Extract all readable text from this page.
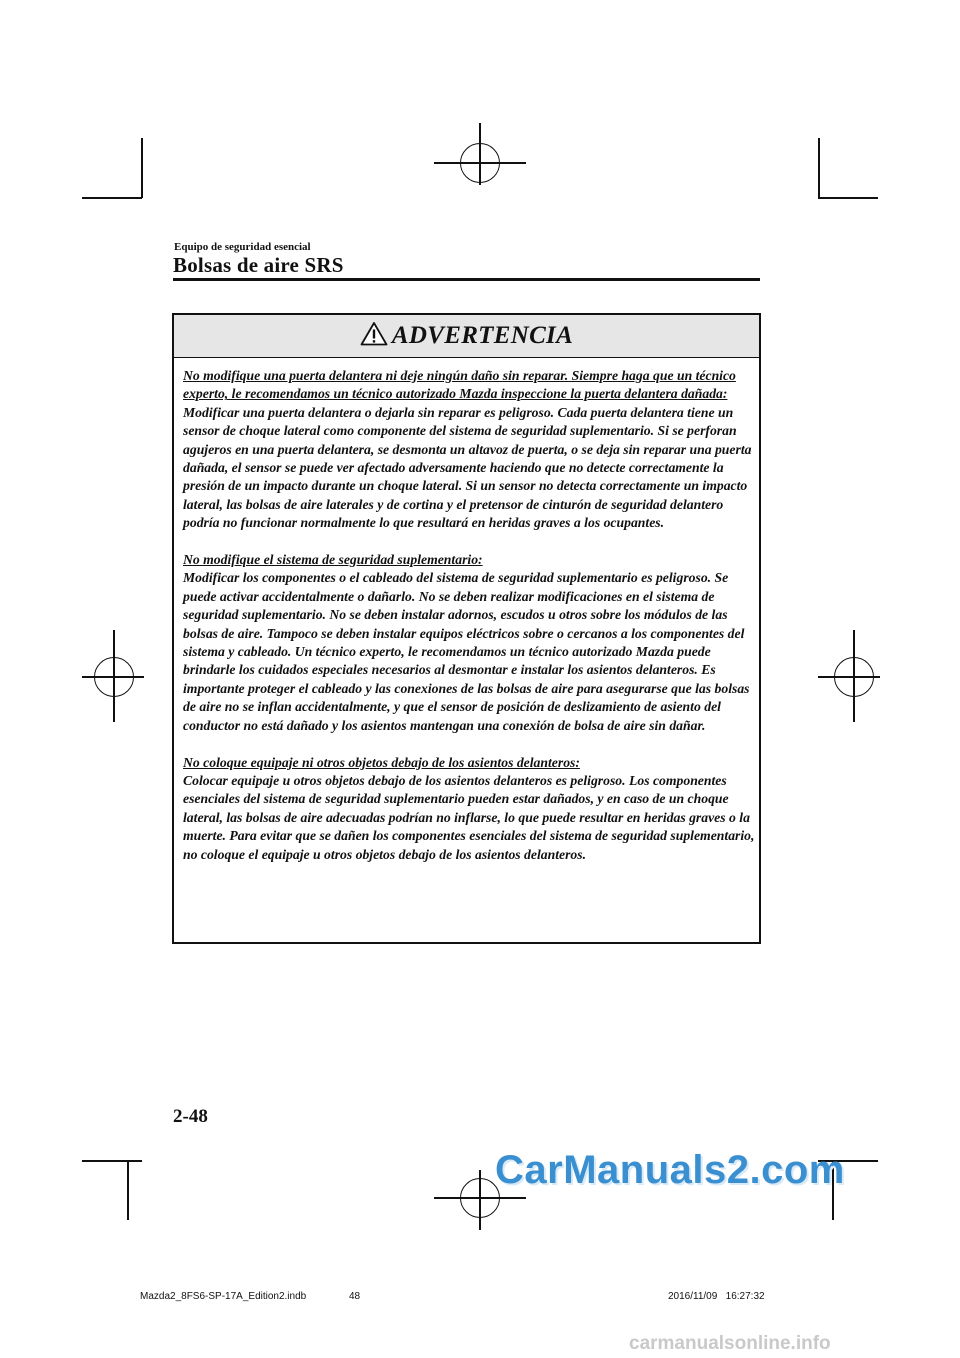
Equipo de seguridad esencial
Bolsas de aire SRS
ADVERTENCIA
No modifique una puerta delantera ni deje ningún daño sin reparar. Siempre haga que un técnico experto, le recomendamos un técnico autorizado Mazda inspeccione la puerta delantera dañada:
Modificar una puerta delantera o dejarla sin reparar es peligroso. Cada puerta delantera tiene un sensor de choque lateral como componente del sistema de seguridad suplementario. Si se perforan agujeros en una puerta delantera, se desmonta un altavoz de puerta, o se deja sin reparar una puerta dañada, el sensor se puede ver afectado adversamente haciendo que no detecte correctamente la presión de un impacto durante un choque lateral. Si un sensor no detecta correctamente un impacto lateral, las bolsas de aire laterales y de cortina y el pretensor de cinturón de seguridad delantero podría no funcionar normalmente lo que resultará en heridas graves a los ocupantes.
No modifique el sistema de seguridad suplementario:
Modificar los componentes o el cableado del sistema de seguridad suplementario es peligroso. Se puede activar accidentalmente o dañarlo. No se deben realizar modificaciones en el sistema de seguridad suplementario. No se deben instalar adornos, escudos u otros sobre los módulos de las bolsas de aire. Tampoco se deben instalar equipos eléctricos sobre o cercanos a los componentes del sistema y cableado. Un técnico experto, le recomendamos un técnico autorizado Mazda puede brindarle los cuidados especiales necesarios al desmontar e instalar los asientos delanteros. Es importante proteger el cableado y las conexiones de las bolsas de aire para asegurarse que las bolsas de aire no se inflan accidentalmente, y que el sensor de posición de deslizamiento de asiento del conductor no está dañado y los asientos mantengan una conexión de bolsa de aire sin dañar.
No coloque equipaje ni otros objetos debajo de los asientos delanteros:
Colocar equipaje u otros objetos debajo de los asientos delanteros es peligroso. Los componentes esenciales del sistema de seguridad suplementario pueden estar dañados, y en caso de un choque lateral, las bolsas de aire adecuadas podrían no inflarse, lo que puede resultar en heridas graves o la muerte. Para evitar que se dañen los componentes esenciales del sistema de seguridad suplementario, no coloque el equipaje u otros objetos debajo de los asientos delanteros.
2-48
CarManuals2.com
Mazda2_8FS6-SP-17A_Edition2.indb	48	2016/11/09   16:27:32
carmanualsonline.info
